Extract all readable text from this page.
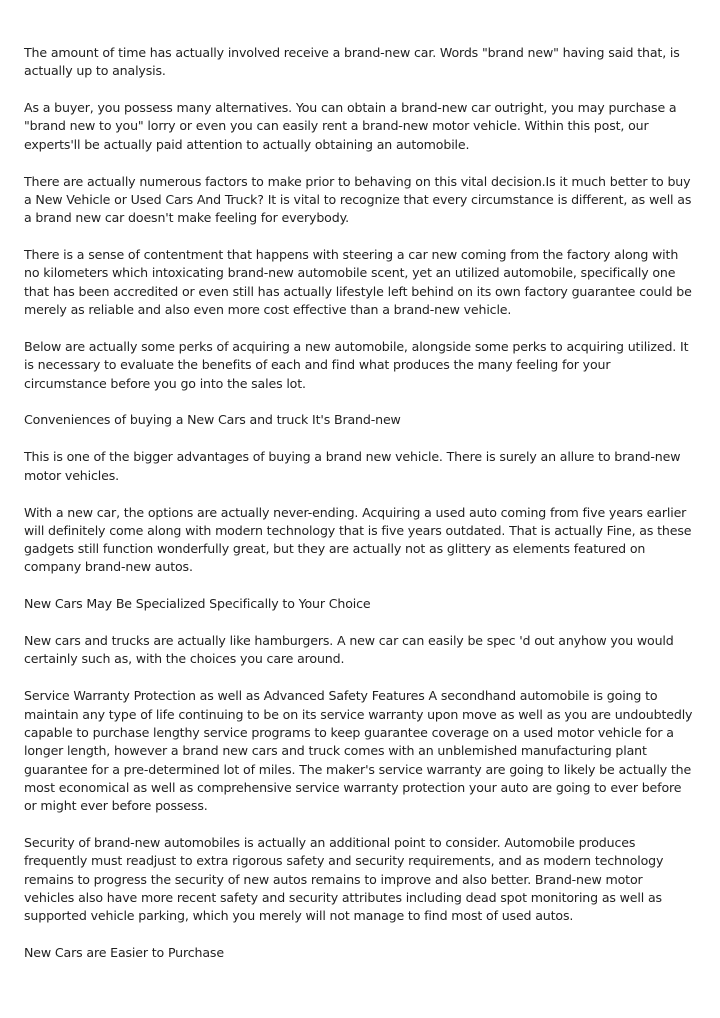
The amount of time has actually involved receive a brand-new car. Words "brand new" having said that, is actually up to analysis.

As a buyer, you possess many alternatives. You can obtain a brand-new car outright, you may purchase a "brand new to you" lorry or even you can easily rent a brand-new motor vehicle. Within this post, our experts'll be actually paid attention to actually obtaining an automobile.

There are actually numerous factors to make prior to behaving on this vital decision.Is it much better to buy a New Vehicle or Used Cars And Truck? It is vital to recognize that every circumstance is different, as well as a brand new car doesn't make feeling for everybody.

There is a sense of contentment that happens with steering a car new coming from the factory along with no kilometers which intoxicating brand-new automobile scent, yet an utilized automobile, specifically one that has been accredited or even still has actually lifestyle left behind on its own factory guarantee could be merely as reliable and also even more cost effective than a brand-new vehicle.

Below are actually some perks of acquiring a new automobile, alongside some perks to acquiring utilized. It is necessary to evaluate the benefits of each and find what produces the many feeling for your circumstance before you go into the sales lot.

Conveniences of buying a New Cars and truck It's Brand-new

This is one of the bigger advantages of buying a brand new vehicle. There is surely an allure to brand-new motor vehicles.

With a new car, the options are actually never-ending. Acquiring a used auto coming from five years earlier will definitely come along with modern technology that is five years outdated. That is actually Fine, as these gadgets still function wonderfully great, but they are actually not as glittery as elements featured on company brand-new autos.

New Cars May Be Specialized Specifically to Your Choice

New cars and trucks are actually like hamburgers. A new car can easily be spec 'd out anyhow you would certainly such as, with the choices you care around.

Service Warranty Protection as well as Advanced Safety Features A secondhand automobile is going to maintain any type of life continuing to be on its service warranty upon move as well as you are undoubtedly capable to purchase lengthy service programs to keep guarantee coverage on a used motor vehicle for a longer length, however a brand new cars and truck comes with an unblemished manufacturing plant guarantee for a pre-determined lot of miles. The maker's service warranty are going to likely be actually the most economical as well as comprehensive service warranty protection your auto are going to ever before or might ever before possess.

Security of brand-new automobiles is actually an additional point to consider. Automobile produces frequently must readjust to extra rigorous safety and security requirements, and as modern technology remains to progress the security of new autos remains to improve and also better. Brand-new motor vehicles also have more recent safety and security attributes including dead spot monitoring as well as supported vehicle parking, which you merely will not manage to find most of used autos.

New Cars are Easier to Purchase
